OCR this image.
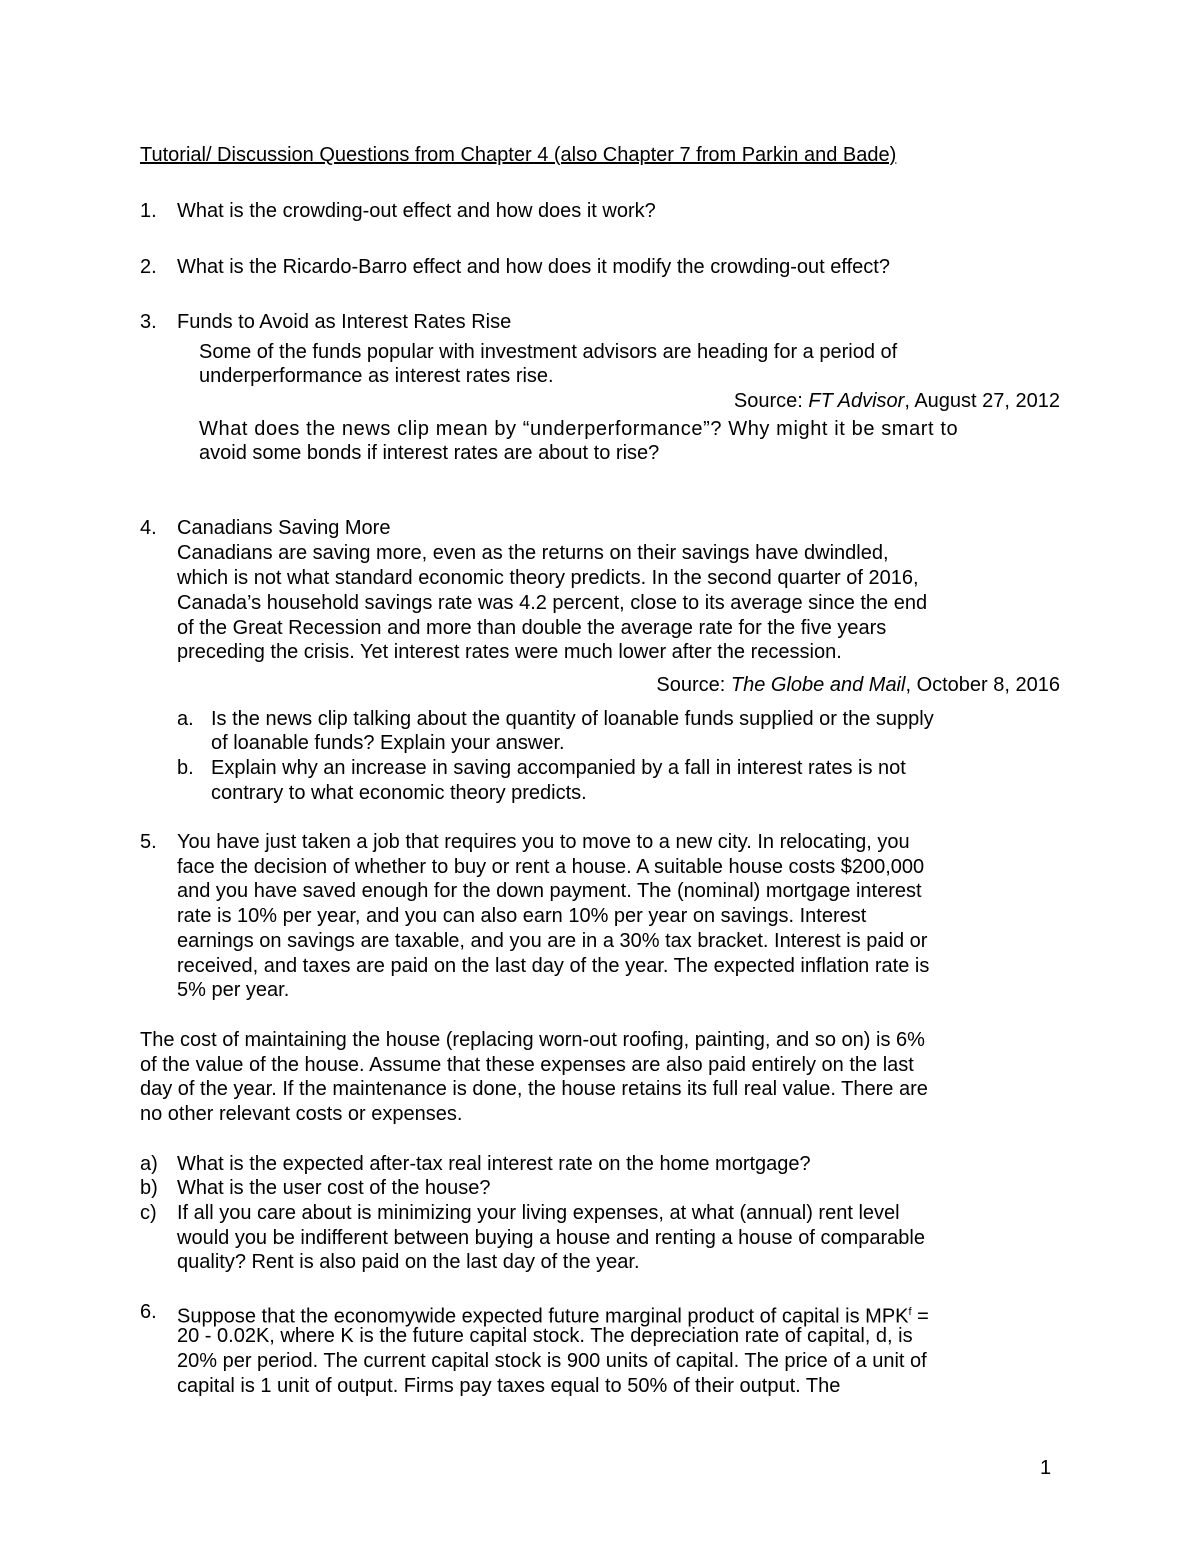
Tutorial/ Discussion Questions from Chapter 4 (also Chapter 7 from Parkin and Bade)
1. What is the crowding-out effect and how does it work?
2. What is the Ricardo-Barro effect and how does it modify the crowding-out effect?
3. Funds to Avoid as Interest Rates Rise
Some of the funds popular with investment advisors are heading for a period of
underperformance as interest rates rise.
Source: FT Advisor, August 27, 2012
What does the news clip mean by “underperformance”? Why might it be smart to
avoid some bonds if interest rates are about to rise?
4. Canadians Saving More
Canadians are saving more, even as the returns on their savings have dwindled,
which is not what standard economic theory predicts. In the second quarter of 2016,
Canada’s household savings rate was 4.2 percent, close to its average since the end
of the Great Recession and more than double the average rate for the five years
preceding the crisis. Yet interest rates were much lower after the recession.
Source: The Globe and Mail, October 8, 2016
a. Is the news clip talking about the quantity of loanable funds supplied or the supply
of loanable funds? Explain your answer.
b. Explain why an increase in saving accompanied by a fall in interest rates is not
contrary to what economic theory predicts.
5. You have just taken a job that requires you to move to a new city. In relocating, you
face the decision of whether to buy or rent a house. A suitable house costs $200,000
and you have saved enough for the down payment. The (nominal) mortgage interest
rate is 10% per year, and you can also earn 10% per year on savings. Interest
earnings on savings are taxable, and you are in a 30% tax bracket. Interest is paid or
received, and taxes are paid on the last day of the year. The expected inflation rate is
5% per year.
The cost of maintaining the house (replacing worn-out roofing, painting, and so on) is 6%
of the value of the house. Assume that these expenses are also paid entirely on the last
day of the year. If the maintenance is done, the house retains its full real value. There are
no other relevant costs or expenses.
a) What is the expected after-tax real interest rate on the home mortgage?
b) What is the user cost of the house?
c) If all you care about is minimizing your living expenses, at what (annual) rent level
would you be indifferent between buying a house and renting a house of comparable
quality? Rent is also paid on the last day of the year.
6. Suppose that the economywide expected future marginal product of capital is $MPK^f$ =
20 - 0.02K, where K is the future capital stock. The depreciation rate of capital, d, is
20% per period. The current capital stock is 900 units of capital. The price of a unit of
capital is 1 unit of output. Firms pay taxes equal to 50% of their output. The
1
